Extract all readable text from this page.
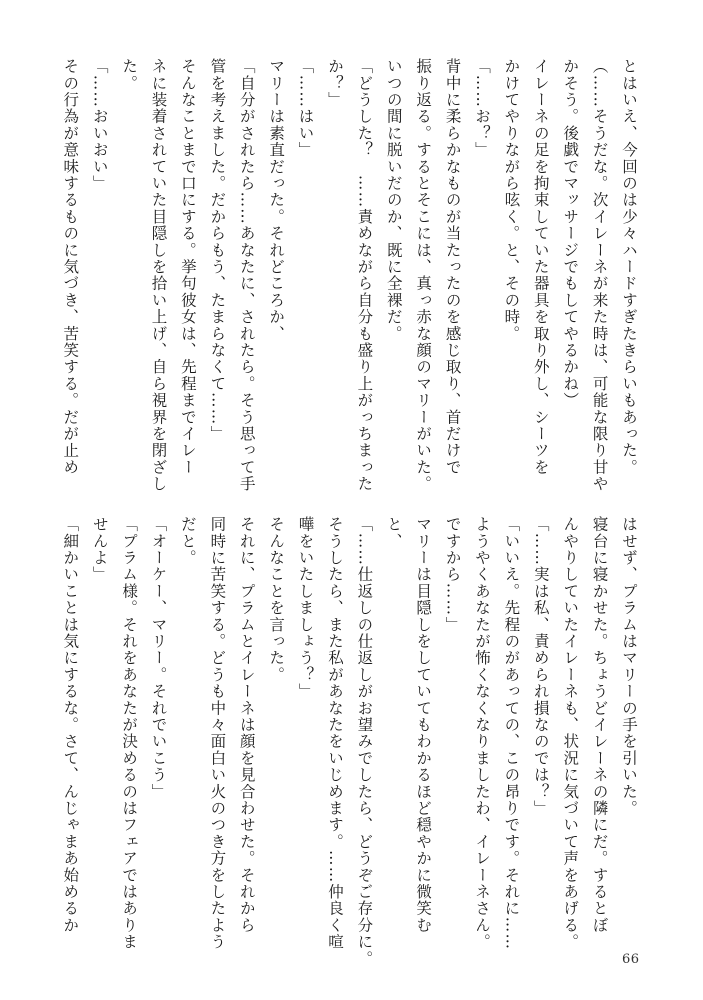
とはいえ、今回のは少々ハードすぎたきらいもあった。
（……そうだな。次イレーネが来た時は、可能な限り甘や
かそう。後戯でマッサージでもしてやるかね）
イレーネの足を拘束していた器具を取り外し、シーツを
かけてやりながら呟く。と、その時。
「……お？」
背中に柔らかなものが当たったのを感じ取り、首だけで
振り返る。するとそこには、真っ赤な顔のマリーがいた。
いつの間に脱いだのか、既に全裸だ。
「どうした？　……責めながら自分も盛り上がっちまった
か？」
「……はい」
マリーは素直だった。それどころか、
「自分がされたら……あなたに、されたら。そう思って手
管を考えました。だからもう、たまらなくて……」
そんなことまで口にする。挙句彼女は、先程までイレー
ネに装着されていた目隠しを拾い上げ、自ら視界を閉ざし
た。
「……おいおい」
その行為が意味するものに気づき、苦笑する。だが止め
はせず、プラムはマリーの手を引いた。
寝台に寝かせた。ちょうどイレーネの隣にだ。するとぼ
んやりしていたイレーネも、状況に気づいて声をあげる。
「……実は私、責められ損なのでは？」
「いいえ。先程のがあっての、この昂りです。それに……
ようやくあなたが怖くなくなりましたわ、イレーネさん。
ですから……」
マリーは目隠しをしていてもわかるほど穏やかに微笑む
と、
「……仕返しの仕返しがお望みでしたら、どうぞご存分に。
そうしたら、また私があなたをいじめます。……仲良く喧
嘩をいたしましょう？」
そんなことを言った。
それに、プラムとイレーネは顔を見合わせた。それから
同時に苦笑する。どうも中々面白い火のつき方をしたよう
だと。
「オーケー、マリー。それでいこう」
「プラム様。それをあなたが決めるのはフェアではありま
せんよ」
「細かいことは気にするな。さて、んじゃまあ始めるか
66
